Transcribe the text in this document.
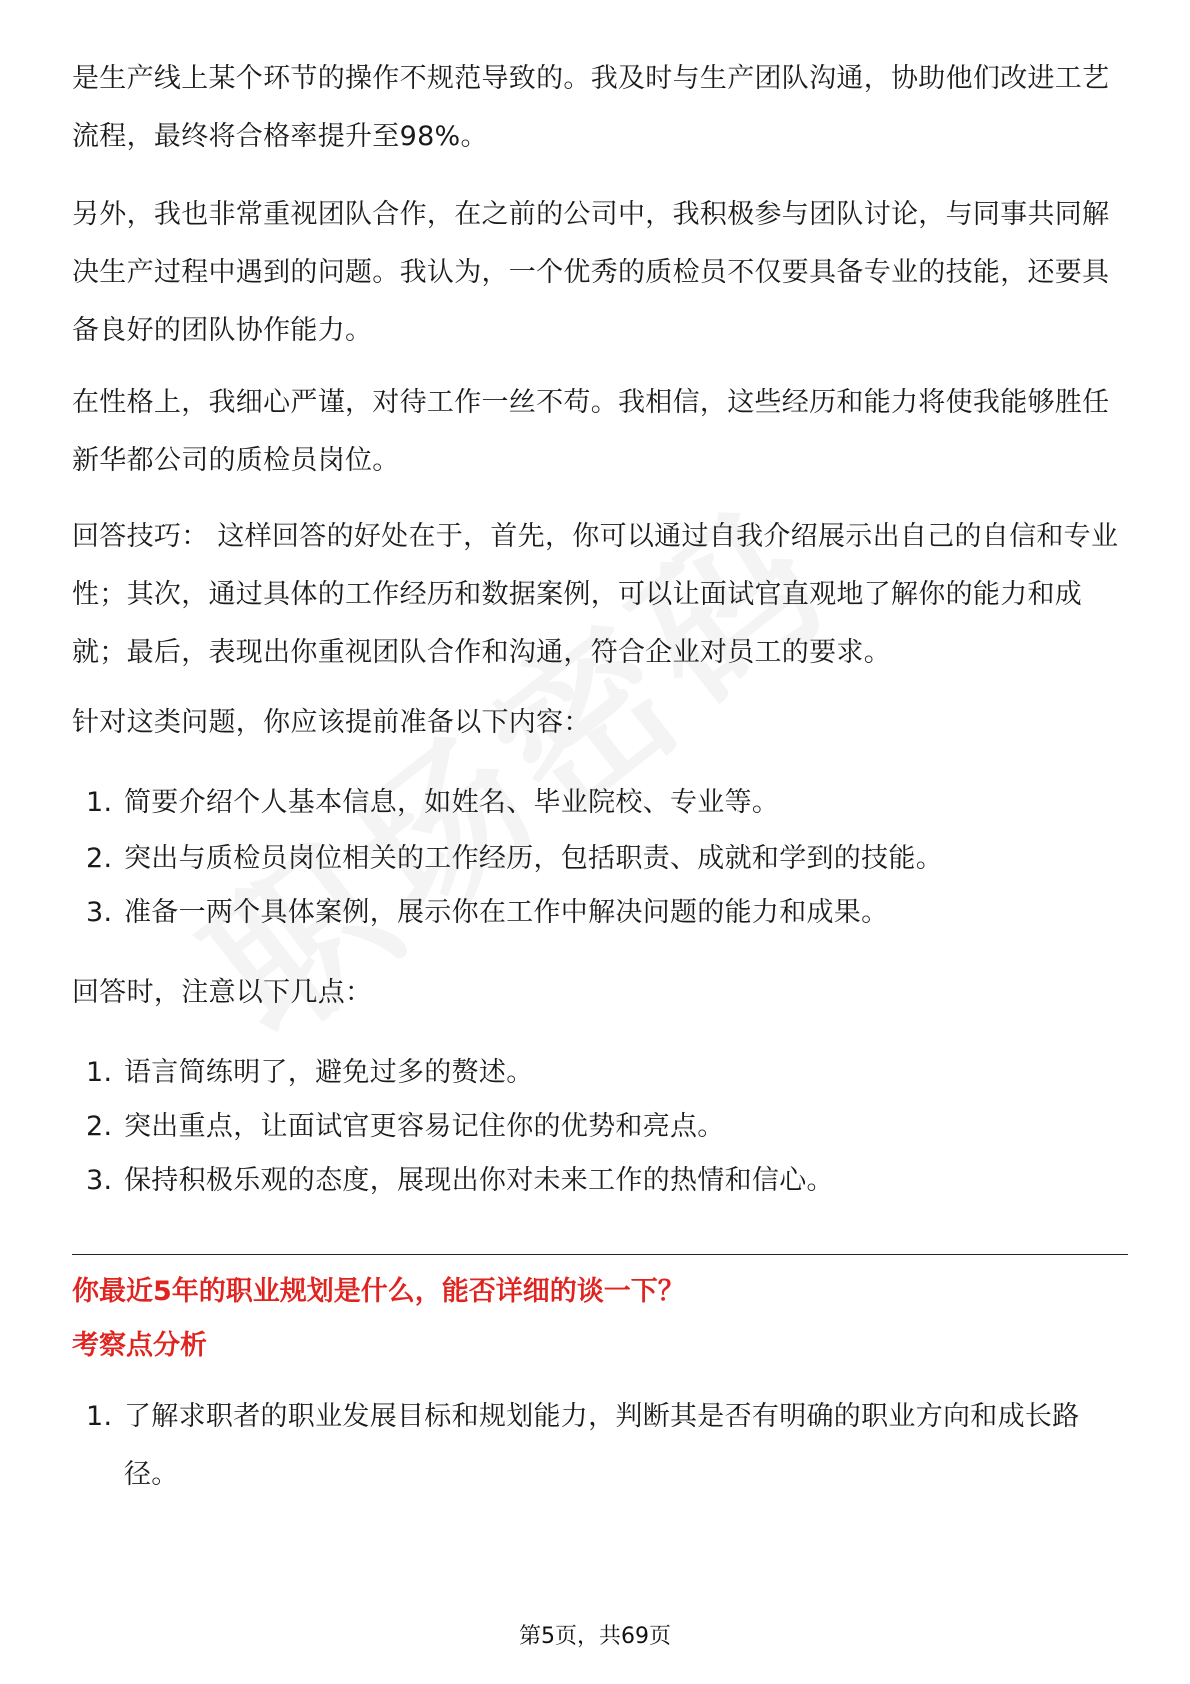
是生产线上某个环节的操作不规范导致的。我及时与生产团队沟通，协助他们改进工艺流程，最终将合格率提升至98%。

另外，我也非常重视团队合作，在之前的公司中，我积极参与团队讨论，与同事共同解决生产过程中遇到的问题。我认为，一个优秀的质检员不仅要具备专业的技能，还要具备良好的团队协作能力。

在性格上，我细心严谨，对待工作一丝不苟。我相信，这些经历和能力将使我能够胜任新华都公司的质检员岗位。

回答技巧： 这样回答的好处在于，首先，你可以通过自我介绍展示出自己的自信和专业性；其次，通过具体的工作经历和数据案例，可以让面试官直观地了解你的能力和成就；最后，表现出你重视团队合作和沟通，符合企业对员工的要求。

针对这类问题，你应该提前准备以下内容：

1. 简要介绍个人基本信息，如姓名、毕业院校、专业等。
2. 突出与质检员岗位相关的工作经历，包括职责、成就和学到的技能。
3. 准备一两个具体案例，展示你在工作中解决问题的能力和成果。

回答时，注意以下几点：

1. 语言简练明了，避免过多的赘述。
2. 突出重点，让面试官更容易记住你的优势和亮点。
3. 保持积极乐观的态度，展现出你对未来工作的热情和信心。

你最近5年的职业规划是什么，能否详细的谈一下？

考察点分析

1. 了解求职者的职业发展目标和规划能力，判断其是否有明确的职业方向和成长路径。
第5页，共69页
